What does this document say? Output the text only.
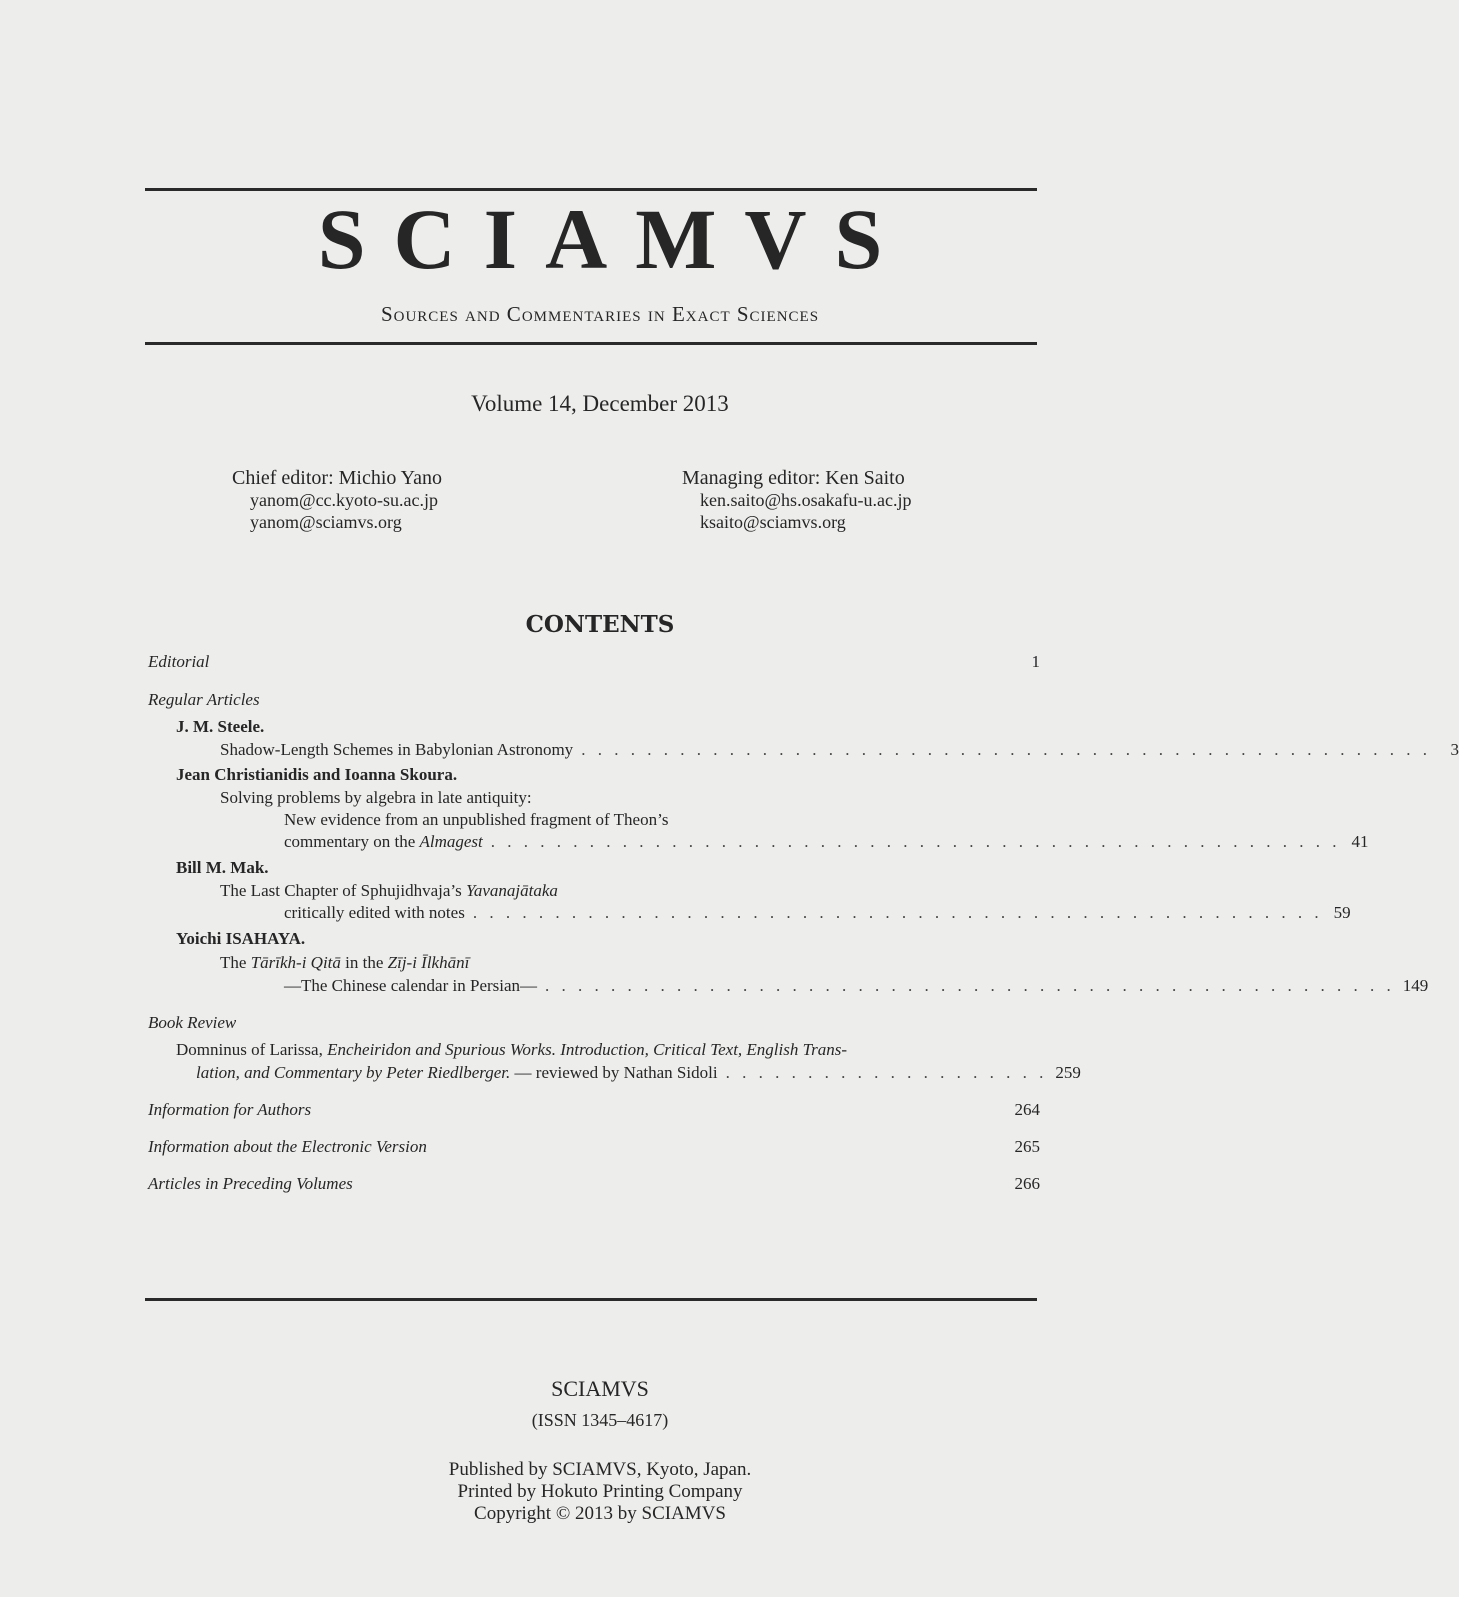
SCIAMVS
Sources and Commentaries in Exact Sciences
Volume 14, December 2013
Chief editor: Michio Yano
yanom@cc.kyoto-su.ac.jp
yanom@sciamvs.org
Managing editor: Ken Saito
ken.saito@hs.osakafu-u.ac.jp
ksaito@sciamvs.org
CONTENTS
Editorial	1
Regular Articles
J. M. Steele.
Shadow-Length Schemes in Babylonian Astronomy . . . . . . . . . . . . . . . . . . . . . . . . . . . . . . . . . . . . . . . . . . . . . . . . . . . .	3
Jean Christianidis and Ioanna Skoura.
Solving problems by algebra in late antiquity:
New evidence from an unpublished fragment of Theon’s
commentary on the Almagest . . . . . . . . . . . . . . . . . . . . . . . . . . . . . . . . . . . . . . . . . . . . . . . . . . . . 41
Bill M. Mak.
The Last Chapter of Sphujidhvaja’s Yavanajātaka
critically edited with notes . . . . . . . . . . . . . . . . . . . . . . . . . . . . . . . . . . . . . . . . . . . . . . . . . . . . 59
Yoichi ISAHAYA.
The Tārīkh-i Qitā in the Zīj-i Īlkhānī
—The Chinese calendar in Persian— . . . . . . . . . . . . . . . . . . . . . . . . . . . . . . . . . . . . . . . . . . . . . . . . . . . . 149
Book Review
Domninus of Larissa, Encheiridon and Spurious Works. Introduction, Critical Text, English Trans-
lation, and Commentary by Peter Riedlberger. — reviewed by Nathan Sidoli . . . . . . . . . . . . . . . . . . . . 259
Information for Authors	264
Information about the Electronic Version	265
Articles in Preceding Volumes	266
SCIAMVS
(ISSN 1345–4617)
Published by SCIAMVS, Kyoto, Japan.
Printed by Hokuto Printing Company
Copyright © 2013 by SCIAMVS
